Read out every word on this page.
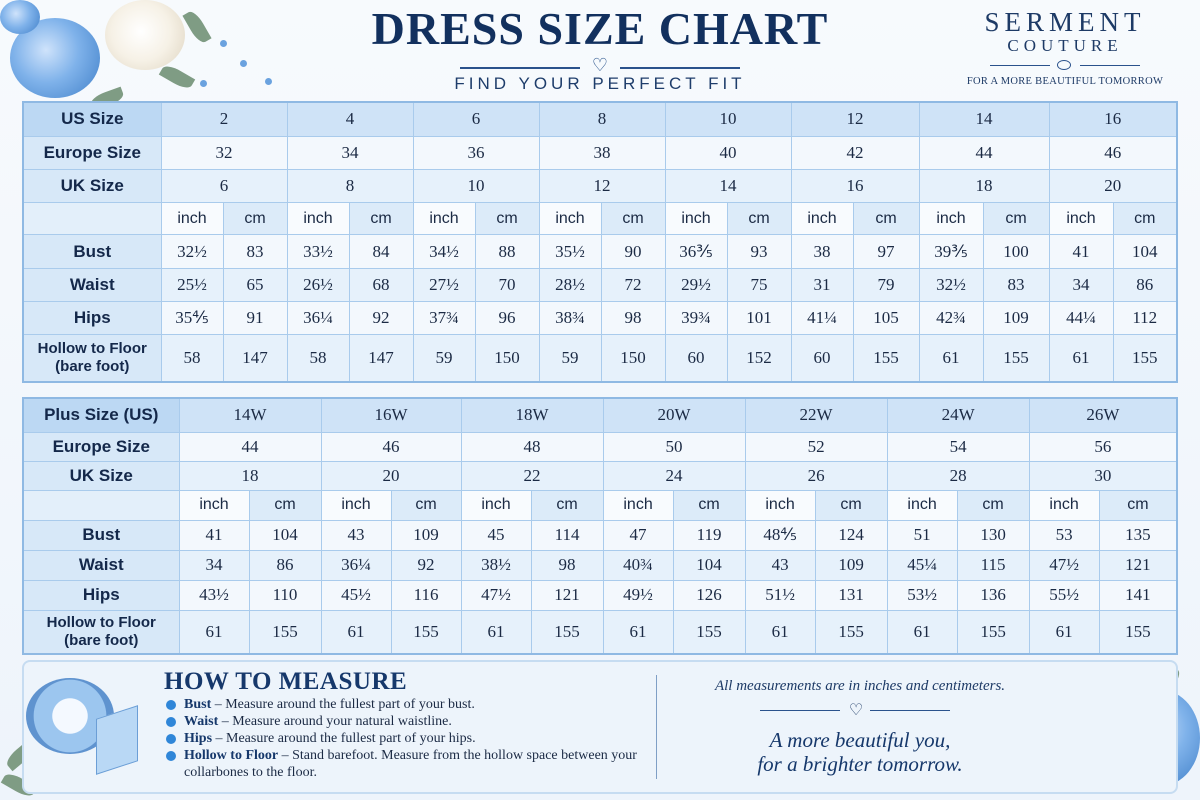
DRESS SIZE CHART
♡
FIND YOUR PERFECT FIT
SERMENT
COUTURE
FOR A MORE BEAUTIFUL TOMORROW
US Size	2		4		6		8		10		12		14		16	
Europe Size	32		34		36		38		40		42		44		46	
UK Size	6		8		10		12		14		16		18		20	
	inch	cm	inch	cm	inch	cm	inch	cm	inch	cm	inch	cm	inch	cm	inch	cm
Bust	32½	83	33½	84	34½	88	35½	90	36⅗	93	38	97	39⅗	100	41	104
Waist	25½	65	26½	68	27½	70	28½	72	29½	75	31	79	32½	83	34	86
Hips	35⅘	91	36¼	92	37¾	96	38¾	98	39¾	101	41¼	105	42¾	109	44¼	112

Hollow to Floor
(bare foot)	58	147	58	147	59	150	59	150	60	152	60	155	61	155	61	155
Plus Size (US)	14W		16W		18W		20W		22W		24W		26W	
Europe Size	44		46		48		50		52		54		56	
UK Size	18		20		22		24		26		28		30	
	inch	cm	inch	cm	inch	cm	inch	cm	inch	cm	inch	cm	inch	cm
Bust	41	104	43	109	45	114	47	119	48⅘	124	51	130	53	135
Waist	34	86	36¼	92	38½	98	40¾	104	43	109	45¼	115	47½	121
Hips	43½	110	45½	116	47½	121	49½	126	51½	131	53½	136	55½	141

Hollow to Floor
(bare foot)	61	155	61	155	61	155	61	155	61	155	61	155	61	155
HOW TO MEASURE
Bust – Measure around the fullest part of your bust.
Waist – Measure around your natural waistline.
Hips – Measure around the fullest part of your hips.
Hollow to Floor – Stand barefoot. Measure from the hollow space between your collarbones to the floor.
All measurements are in inches and centimeters.
♡
A more beautiful you,
for a brighter tomorrow.
